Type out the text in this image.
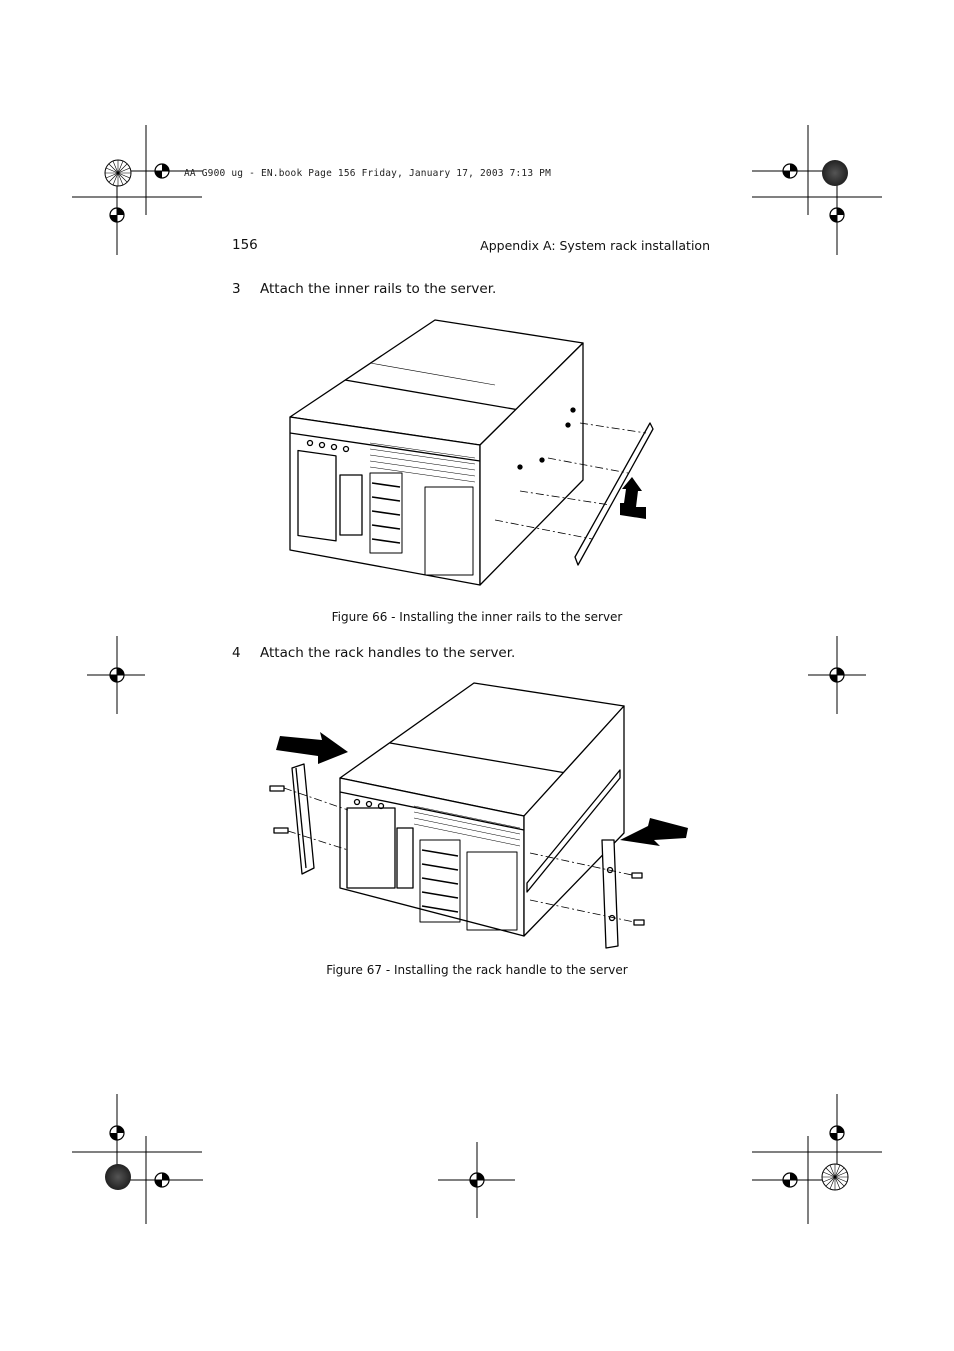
AA G900 ug - EN.book Page 156 Friday, January 17, 2003 7:13 PM
156	Appendix A: System rack installation
3 Attach the inner rails to the server.
Figure 66 - Installing the inner rails to the server
4 Attach the rack handles to the server.
Figure 67 - Installing the rack handle to the server
